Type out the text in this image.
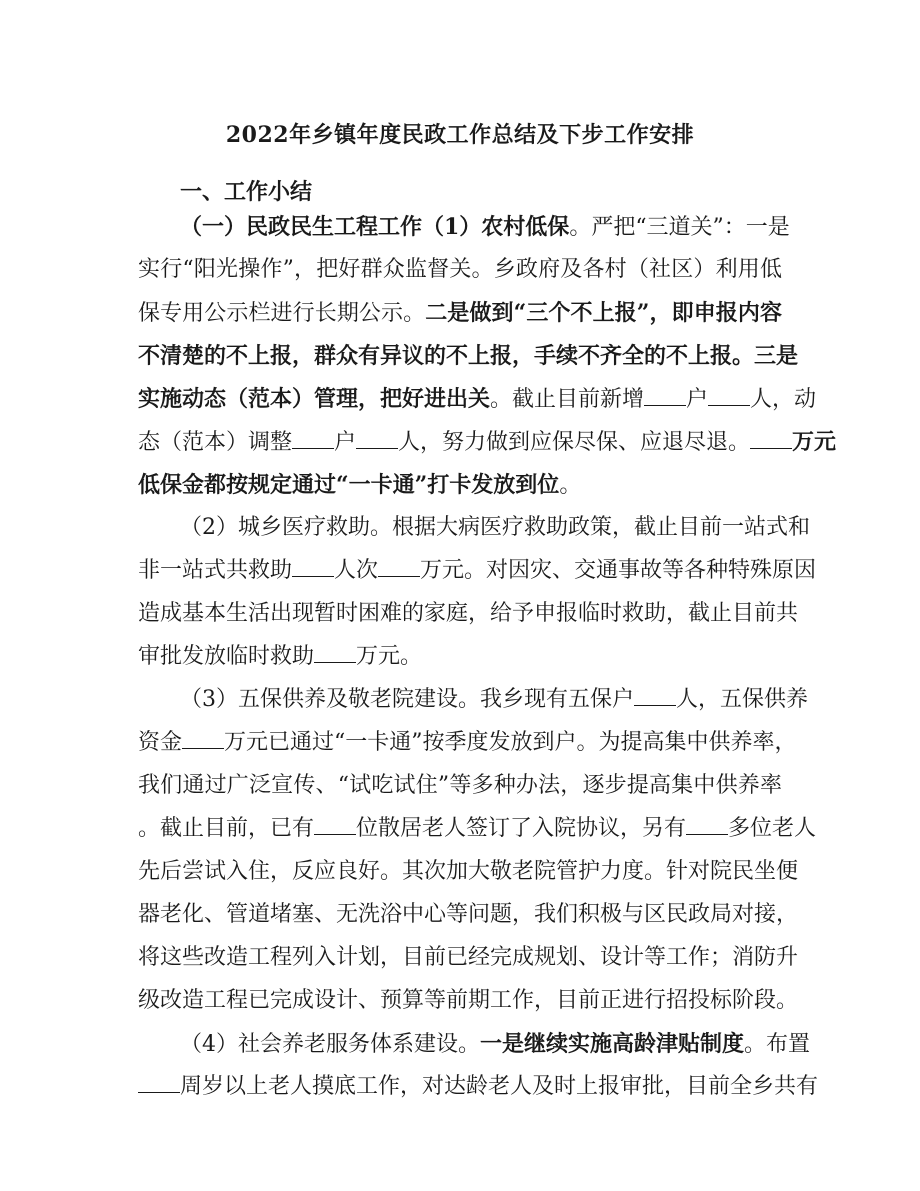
2022年乡镇年度民政工作总结及下步工作安排
一、工作小结
（一）民政民生工程工作（1）农村低保。严把“三道关”：一是
实行“阳光操作”，把好群众监督关。乡政府及各村（社区）利用低
保专用公示栏进行长期公示。二是做到“三个不上报”，即申报内容
不清楚的不上报，群众有异议的不上报，手续不齐全的不上报。三是
实施动态（范本）管理，把好进出关。截止目前新增 户 人，动
态（范本）调整 户 人，努力做到应保尽保、应退尽退。 万元
低保金都按规定通过“一卡通”打卡发放到位。
（2）城乡医疗救助。根据大病医疗救助政策，截止目前一站式和
非一站式共救助 人次 万元。对因灾、交通事故等各种特殊原因
造成基本生活出现暂时困难的家庭，给予申报临时救助，截止目前共
审批发放临时救助 万元。
（3）五保供养及敬老院建设。我乡现有五保户 人，五保供养
资金 万元已通过“一卡通”按季度发放到户。为提高集中供养率，
我们通过广泛宣传、“试吃试住”等多种办法，逐步提高集中供养率
。截止目前，已有 位散居老人签订了入院协议，另有 多位老人
先后尝试入住，反应良好。其次加大敬老院管护力度。针对院民坐便
器老化、管道堵塞、无洗浴中心等问题，我们积极与区民政局对接，
将这些改造工程列入计划，目前已经完成规划、设计等工作；消防升
级改造工程已完成设计、预算等前期工作，目前正进行招投标阶段。
（4）社会养老服务体系建设。一是继续实施高龄津贴制度。布置
周岁以上老人摸底工作，对达龄老人及时上报审批，目前全乡共有
